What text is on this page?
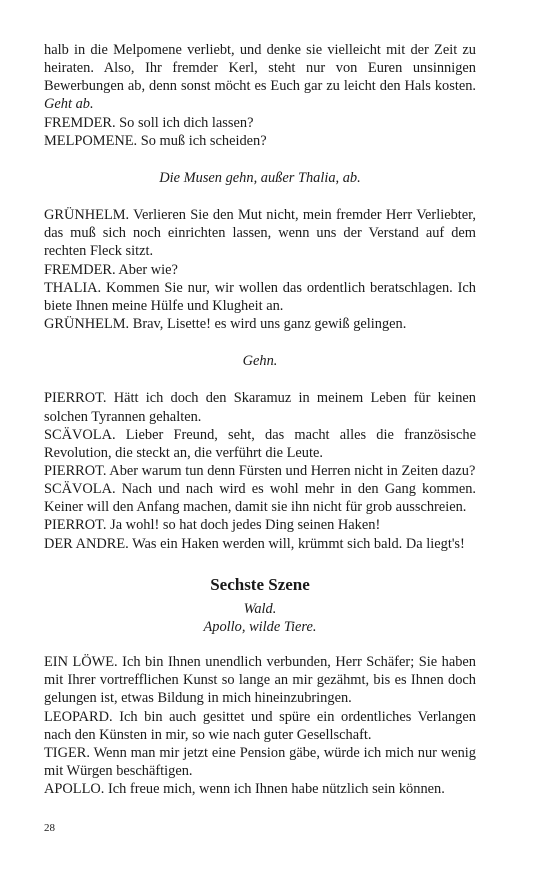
halb in die Melpomene verliebt, und denke sie vielleicht mit der Zeit zu heiraten. Also, Ihr fremder Kerl, steht nur von Euren unsinnigen Bewerbungen ab, denn sonst möcht es Euch gar zu leicht den Hals kosten. Geht ab.

FREMDER. So soll ich dich lassen?

MELPOMENE. So muß ich scheiden?

Die Musen gehn, außer Thalia, ab.

GRÜNHELM. Verlieren Sie den Mut nicht, mein fremder Herr Verliebter, das muß sich noch einrichten lassen, wenn uns der Verstand auf dem rechten Fleck sitzt.

FREMDER. Aber wie?

THALIA. Kommen Sie nur, wir wollen das ordentlich beratschlagen. Ich biete Ihnen meine Hülfe und Klugheit an.

GRÜNHELM. Brav, Lisette! es wird uns ganz gewiß gelingen.

Gehn.

PIERROT. Hätt ich doch den Skaramuz in meinem Leben für keinen solchen Tyrannen gehalten.

SCÄVOLA. Lieber Freund, seht, das macht alles die französische Revolution, die steckt an, die verführt die Leute.

PIERROT. Aber warum tun denn Fürsten und Herren nicht in Zeiten dazu?

SCÄVOLA. Nach und nach wird es wohl mehr in den Gang kommen. Keiner will den Anfang machen, damit sie ihn nicht für grob ausschreien.

PIERROT. Ja wohl! so hat doch jedes Ding seinen Haken!

DER ANDRE. Was ein Haken werden will, krümmt sich bald. Da liegt's!

Sechste Szene

Wald.

Apollo, wilde Tiere.

EIN LÖWE. Ich bin Ihnen unendlich verbunden, Herr Schäfer; Sie haben mit Ihrer vortrefflichen Kunst so lange an mir gezähmt, bis es Ihnen doch gelungen ist, etwas Bildung in mich hineinzubringen.

LEOPARD. Ich bin auch gesittet und spüre ein ordentliches Verlangen nach den Künsten in mir, so wie nach guter Gesellschaft.

TIGER. Wenn man mir jetzt eine Pension gäbe, würde ich mich nur wenig mit Würgen beschäftigen.

APOLLO. Ich freue mich, wenn ich Ihnen habe nützlich sein können.

28
